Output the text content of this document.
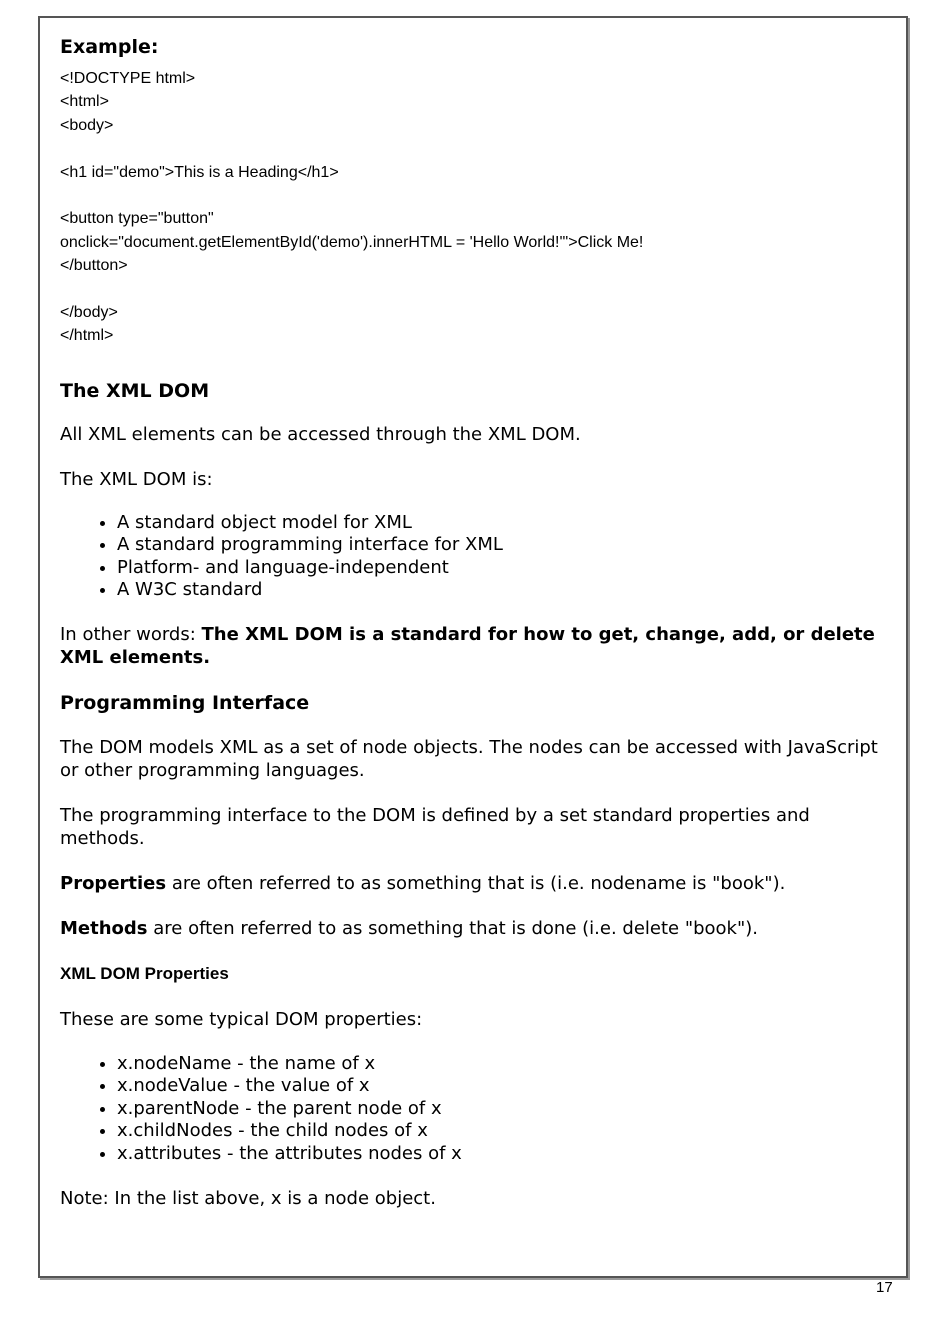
Example:
<!DOCTYPE html>
<html>
<body>
<h1 id="demo">This is a Heading</h1>
<button type="button"
onclick="document.getElementById('demo').innerHTML = 'Hello World!'">Click Me!
</button>
</body>
</html>
The XML DOM

All XML elements can be accessed through the XML DOM.

The XML DOM is:

• A standard object model for XML
• A standard programming interface for XML
• Platform- and language-independent
• A W3C standard

In other words: The XML DOM is a standard for how to get, change, add, or delete XML elements.

Programming Interface

The DOM models XML as a set of node objects. The nodes can be accessed with JavaScript or other programming languages.

The programming interface to the DOM is defined by a set standard properties and methods.

Properties are often referred to as something that is (i.e. nodename is "book").

Methods are often referred to as something that is done (i.e. delete "book").

XML DOM Properties

These are some typical DOM properties:

• x.nodeName - the name of x
• x.nodeValue - the value of x
• x.parentNode - the parent node of x
• x.childNodes - the child nodes of x
• x.attributes - the attributes nodes of x

Note: In the list above, x is a node object.

17
